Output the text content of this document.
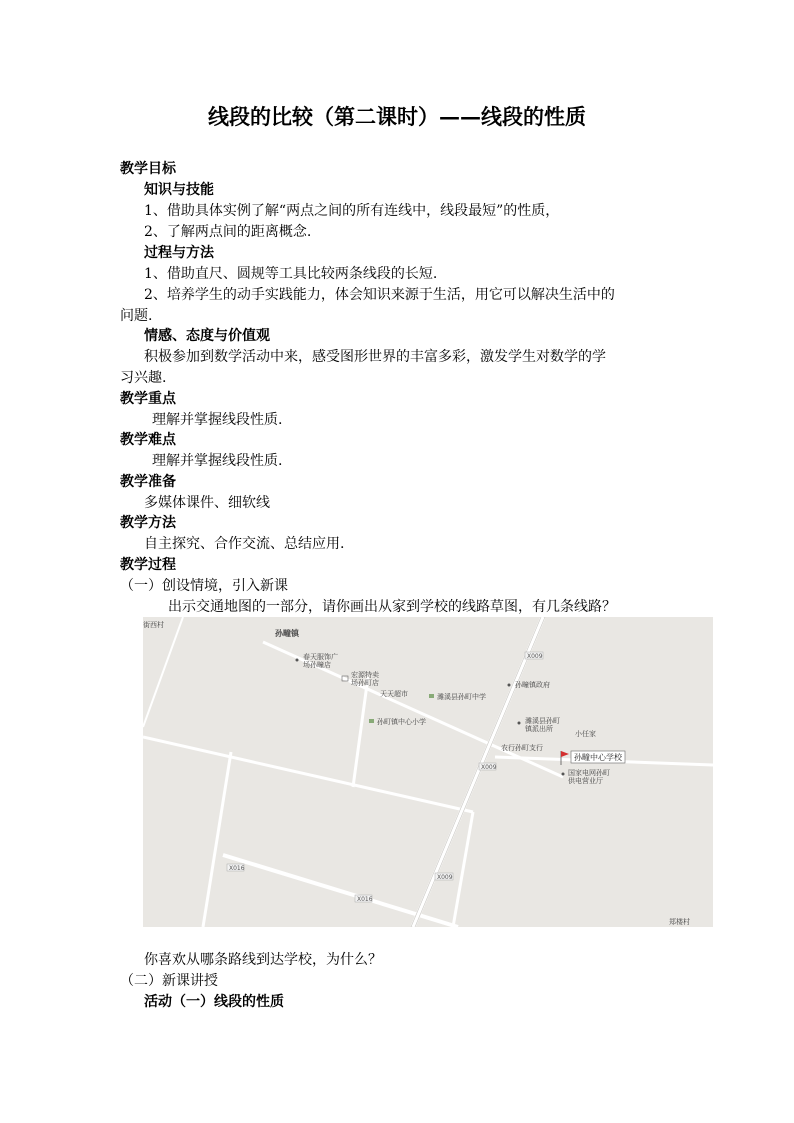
线段的比较（第二课时）——线段的性质
教学目标
知识与技能
1、借助具体实例了解“两点之间的所有连线中，线段最短”的性质，
2、了解两点间的距离概念.
过程与方法
1、借助直尺、圆规等工具比较两条线段的长短.
2、培养学生的动手实践能力，体会知识来源于生活，用它可以解决生活中的
问题.
情感、态度与价值观
积极参加到数学活动中来，感受图形世界的丰富多彩，激发学生对数学的学
习兴趣.
教学重点
理解并掌握线段性质.
教学难点
理解并掌握线段性质.
教学准备
多媒体课件、细软线
教学方法
自主探究、合作交流、总结应用.
教学过程
（一）创设情境，引入新课
出示交通地图的一部分，请你画出从家到学校的线路草图，有几条线路？
街西村
孙疃镇
春天服饰广
场孙疃店
宏源特卖
场孙町店
天天超市	濉溪县孙町中学
孙町镇中心小学
X009
孙疃镇政府
濉溪县孙町
镇派出所
小任家
农行孙町支行
X009
孙疃中心学校
国家电网孙町
供电营业厅
X016
X009
X016
郑楼村
你喜欢从哪条路线到达学校，为什么？
（二）新课讲授
活动（一）线段的性质
